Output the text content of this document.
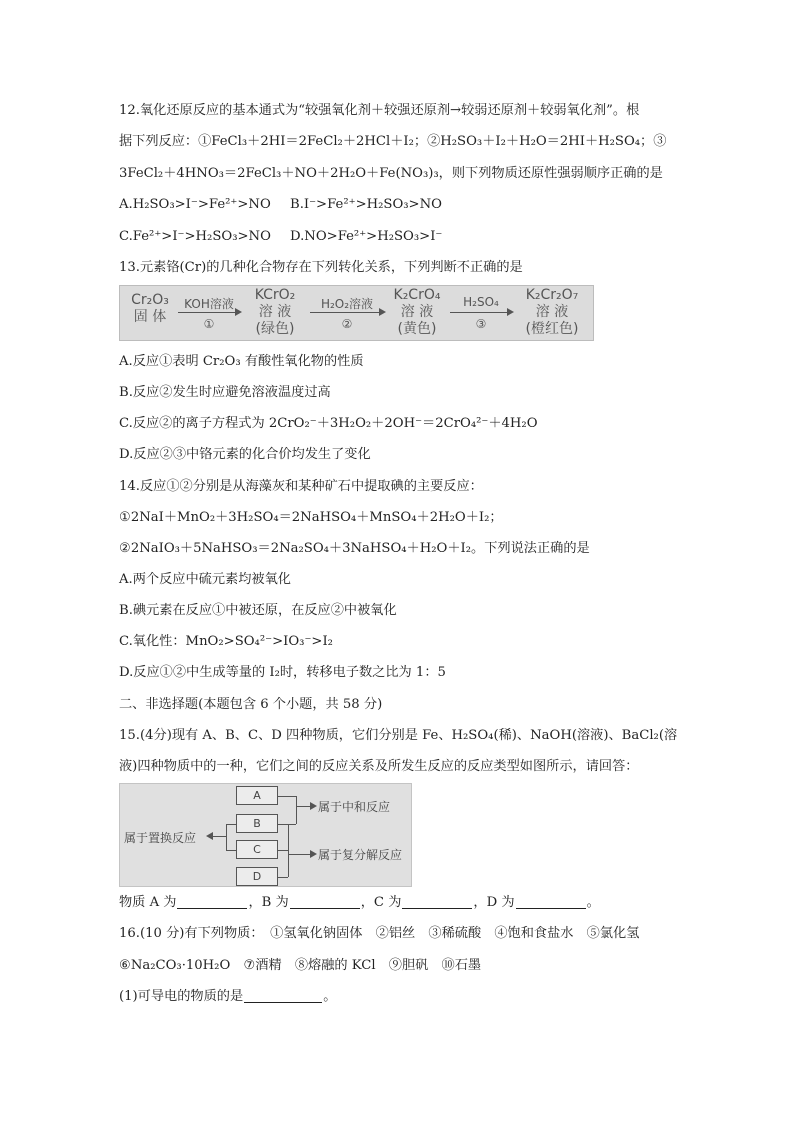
12.氧化还原反应的基本通式为“较强氧化剂＋较强还原剂→较弱还原剂＋较弱氧化剂”。根
据下列反应：①FeCl₃＋2HI＝2FeCl₂＋2HCl＋I₂；②H₂SO₃＋I₂＋H₂O＝2HI＋H₂SO₄；③
3FeCl₂＋4HNO₃＝2FeCl₃＋NO＋2H₂O＋Fe(NO₃)₃，则下列物质还原性强弱顺序正确的是
A.H₂SO₃>I⁻>Fe²⁺>NO B.I⁻>Fe²⁺>H₂SO₃>NO
C.Fe²⁺>I⁻>H₂SO₃>NO D.NO>Fe²⁺>H₂SO₃>I⁻
13.元素铬(Cr)的几种化合物存在下列转化关系，下列判断不正确的是
Cr₂O₃
固 体
KOH溶液
①
KCrO₂
溶 液
(绿色)
H₂O₂溶液
②
K₂CrO₄
溶 液
(黄色)
H₂SO₄
③
K₂Cr₂O₇
溶 液
(橙红色)
A.反应①表明 Cr₂O₃ 有酸性氧化物的性质
B.反应②发生时应避免溶液温度过高
C.反应②的离子方程式为 2CrO₂⁻＋3H₂O₂＋2OH⁻＝2CrO₄²⁻＋4H₂O
D.反应②③中铬元素的化合价均发生了变化
14.反应①②分别是从海藻灰和某种矿石中提取碘的主要反应：
①2NaI＋MnO₂＋3H₂SO₄＝2NaHSO₄＋MnSO₄＋2H₂O＋I₂；
②2NaIO₃＋5NaHSO₃＝2Na₂SO₄＋3NaHSO₄＋H₂O＋I₂。下列说法正确的是
A.两个反应中硫元素均被氧化
B.碘元素在反应①中被还原，在反应②中被氧化
C.氧化性：MnO₂>SO₄²⁻>IO₃⁻>I₂
D.反应①②中生成等量的 I₂时，转移电子数之比为 1：5
二、非选择题(本题包含 6 个小题，共 58 分)
15.(4分)现有 A、B、C、D 四种物质，它们分别是 Fe、H₂SO₄(稀)、NaOH(溶液)、BaCl₂(溶
液)四种物质中的一种，它们之间的反应关系及所发生反应的反应类型如图所示，请回答：
A
B
C
D
属于中和反应
属于复分解反应
属于置换反应
物质 A 为	，B 为	，C 为	，D 为	。
16.(10 分)有下列物质：　①氢氧化钠固体　②铝丝　③稀硫酸　④饱和食盐水　⑤氯化氢
⑥Na₂CO₃·10H₂O　⑦酒精　⑧熔融的 KCl　⑨胆矾　⑩石墨
(1)可导电的物质的是	。
